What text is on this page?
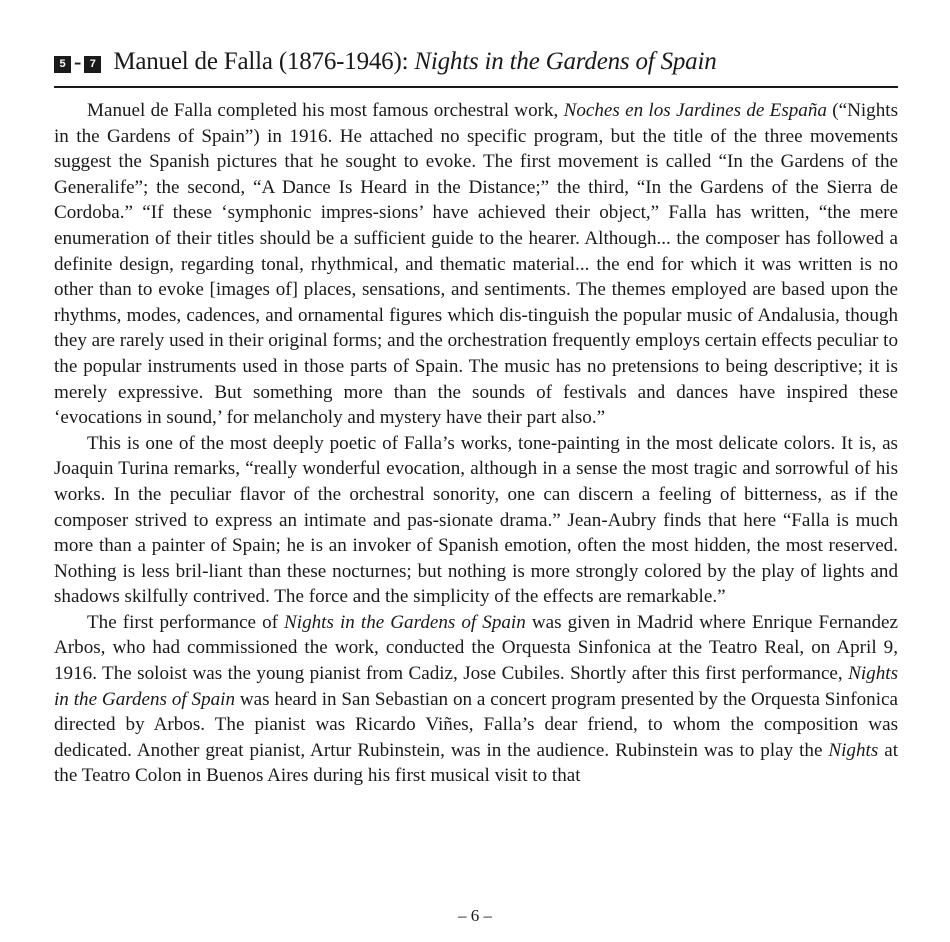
5 - 7 Manuel de Falla (1876-1946): Nights in the Gardens of Spain

Manuel de Falla completed his most famous orchestral work, Noches en los Jardines de España (“Nights in the Gardens of Spain”) in 1916. He attached no specific program, but the title of the three movements suggest the Spanish pictures that he sought to evoke. The first movement is called “In the Gardens of the Generalife”; the second, “A Dance Is Heard in the Distance;” the third, “In the Gardens of the Sierra de Cordoba.” “If these ‘symphonic impres-sions’ have achieved their object,” Falla has written, “the mere enumeration of their titles should be a sufficient guide to the hearer. Although... the composer has followed a definite design, regarding tonal, rhythmical, and thematic material... the end for which it was written is no other than to evoke [images of] places, sensations, and sentiments. The themes employed are based upon the rhythms, modes, cadences, and ornamental figures which dis-tinguish the popular music of Andalusia, though they are rarely used in their original forms; and the orchestration frequently employs certain effects peculiar to the popular instruments used in those parts of Spain. The music has no pretensions to being descriptive; it is merely expressive. But something more than the sounds of festivals and dances have inspired these ‘evocations in sound,’ for melancholy and mystery have their part also.”

This is one of the most deeply poetic of Falla’s works, tone-painting in the most delicate colors. It is, as Joaquin Turina remarks, “really wonderful evocation, although in a sense the most tragic and sorrowful of his works. In the peculiar flavor of the orchestral sonority, one can discern a feeling of bitterness, as if the composer strived to express an intimate and pas-sionate drama.” Jean-Aubry finds that here “Falla is much more than a painter of Spain; he is an invoker of Spanish emotion, often the most hidden, the most reserved. Nothing is less bril-liant than these nocturnes; but nothing is more strongly colored by the play of lights and shadows skilfully contrived. The force and the simplicity of the effects are remarkable.”

The first performance of Nights in the Gardens of Spain was given in Madrid where Enrique Fernandez Arbos, who had commissioned the work, conducted the Orquesta Sinfonica at the Teatro Real, on April 9, 1916. The soloist was the young pianist from Cadiz, Jose Cubiles. Shortly after this first performance, Nights in the Gardens of Spain was heard in San Sebastian on a concert program presented by the Orquesta Sinfonica directed by Arbos. The pianist was Ricardo Viñes, Falla’s dear friend, to whom the composition was dedicated. Another great pianist, Artur Rubinstein, was in the audience. Rubinstein was to play the Nights at the Teatro Colon in Buenos Aires during his first musical visit to that

– 6 –
